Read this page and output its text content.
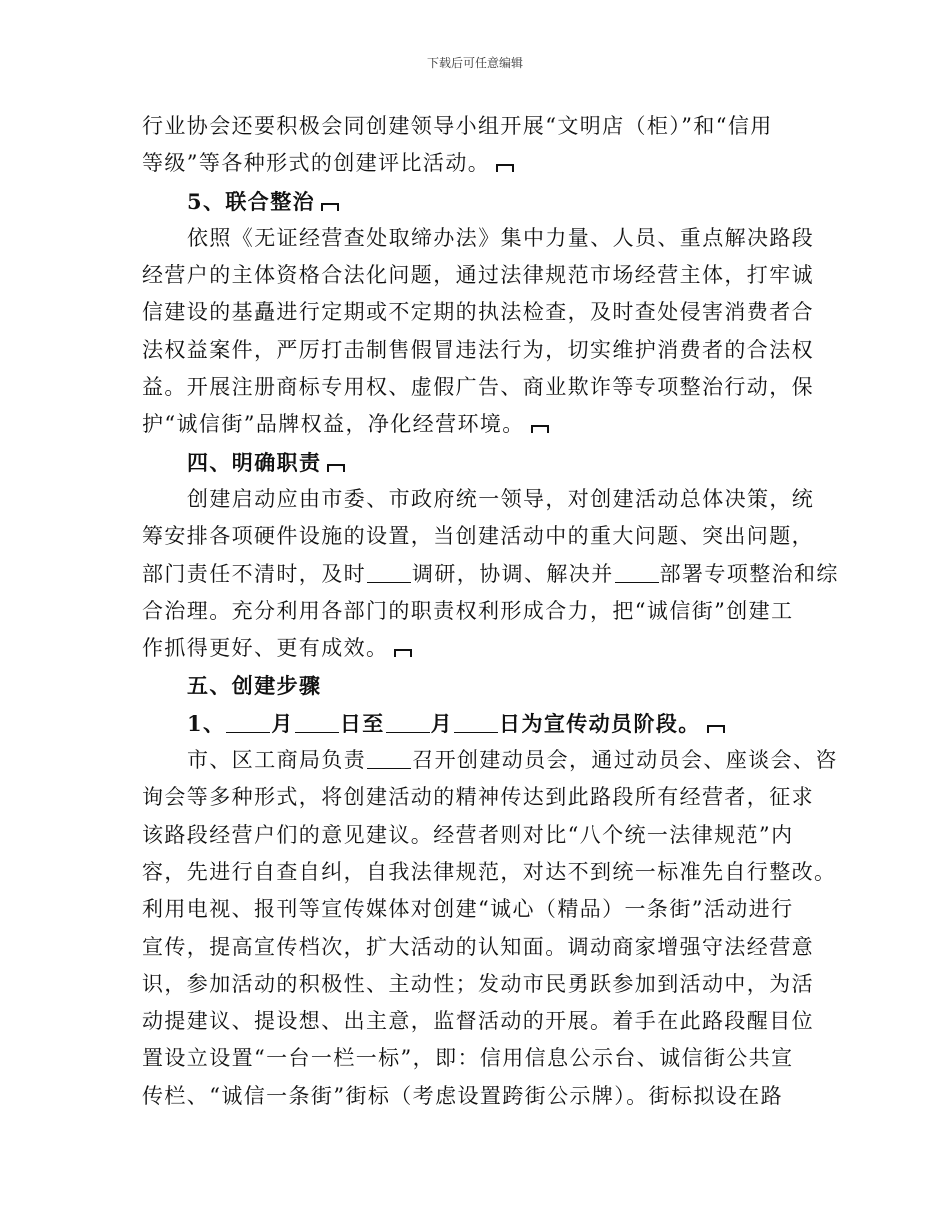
下载后可任意编辑
行业协会还要积极会同创建领导小组开展“文明店（柜）”和“信用
等级”等各种形式的创建评比活动。
5、联合整治
依照《无证经营查处取缔办法》集中力量、人员、重点解决路段
经营户的主体资格合法化问题，通过法律规范市场经营主体，打牢诚
信建设的基矗进行定期或不定期的执法检查，及时查处侵害消费者合
法权益案件，严厉打击制售假冒违法行为，切实维护消费者的合法权
益。开展注册商标专用权、虚假广告、商业欺诈等专项整治行动，保
护“诚信街”品牌权益，净化经营环境。
四、明确职责
创建启动应由市委、市政府统一领导，对创建活动总体决策，统
筹安排各项硬件设施的设置，当创建活动中的重大问题、突出问题，
部门责任不清时，及时 调研，协调、解决并 部署专项整治和综
合治理。充分利用各部门的职责权利形成合力，把“诚信街”创建工
作抓得更好、更有成效。
五、创建步骤
1、 月 日至 月 日为宣传动员阶段。
市、区工商局负责 召开创建动员会，通过动员会、座谈会、咨
询会等多种形式，将创建活动的精神传达到此路段所有经营者，征求
该路段经营户们的意见建议。经营者则对比“八个统一法律规范”内
容，先进行自查自纠，自我法律规范，对达不到统一标准先自行整改。
利用电视、报刊等宣传媒体对创建“诚心（精品）一条街”活动进行
宣传，提高宣传档次，扩大活动的认知面。调动商家增强守法经营意
识，参加活动的积极性、主动性；发动市民勇跃参加到活动中，为活
动提建议、提设想、出主意，监督活动的开展。着手在此路段醒目位
置设立设置“一台一栏一标”，即：信用信息公示台、诚信街公共宣
传栏、“诚信一条街”街标（考虑设置跨街公示牌）。街标拟设在路
